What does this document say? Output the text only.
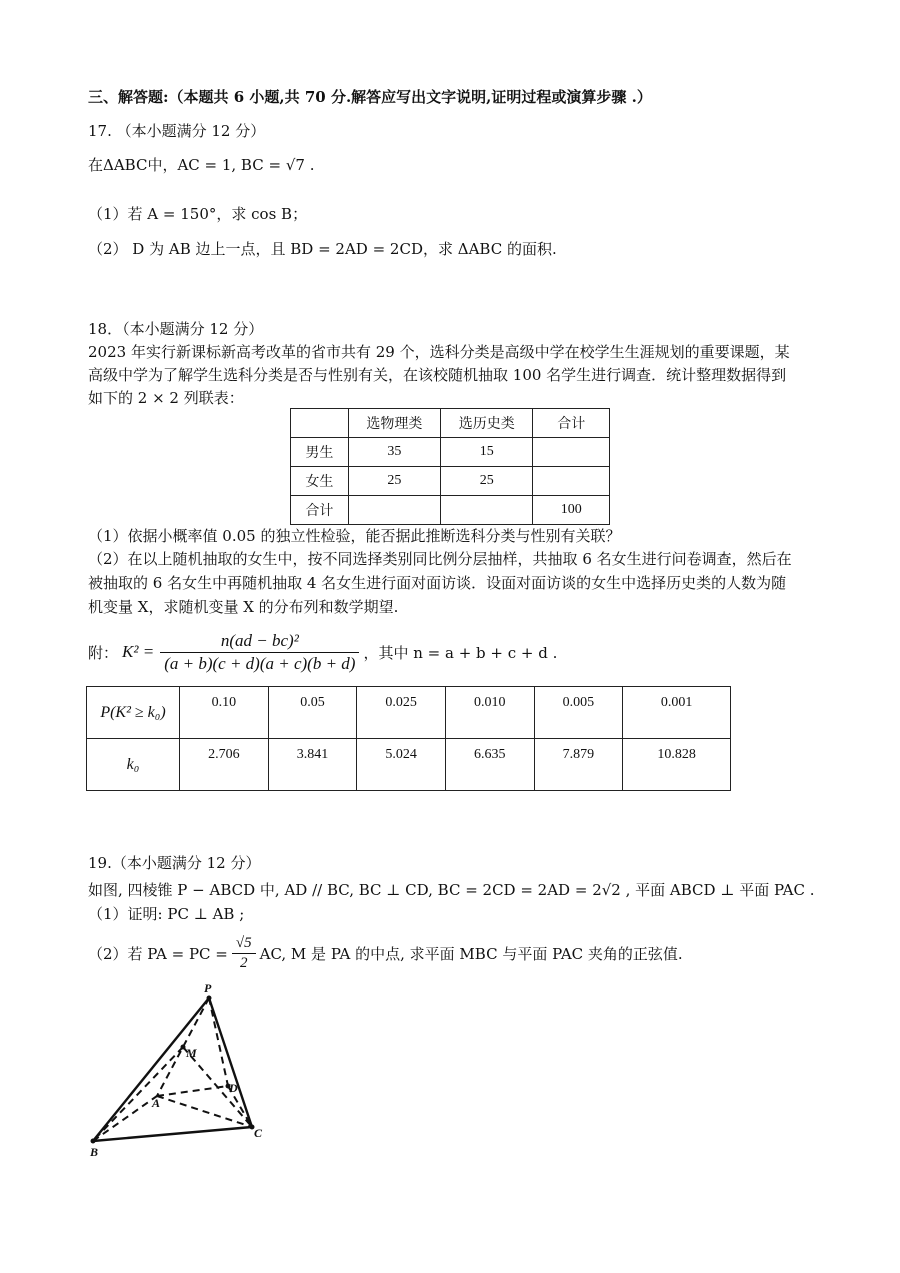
三、解答题:（本题共 6 小题,共 70 分.解答应写出文字说明,证明过程或演算步骤 .）
17. （本小题满分 12 分）
在ΔABC中，AC = 1, BC = √7 .
（1）若 A = 150°，求 cos B；
（2） D 为 AB 边上一点，且 BD = 2AD = 2CD，求 ΔABC 的面积.
18．（本小题满分 12 分）
2023 年实行新课标新高考改革的省市共有 29 个，选科分类是高级中学在校学生生涯规划的重要课题，某
高级中学为了解学生选科分类是否与性别有关，在该校随机抽取 100 名学生进行调查．统计整理数据得到
如下的 2 × 2 列联表：
	选物理类	选历史类	合计
男生	35	15	
女生	25	25	
合计			100
（1）依据小概率值 0.05 的独立性检验，能否据此推断选科分类与性别有关联？
（2）在以上随机抽取的女生中，按不同选择类别同比例分层抽样，共抽取 6 名女生进行问卷调查，然后在
被抽取的 6 名女生中再随机抽取 4 名女生进行面对面访谈．设面对面访谈的女生中选择历史类的人数为随
机变量 X，求随机变量 X 的分布列和数学期望.
附： $K^2 = \frac{\text{n(ad − bc)²}}{(a + b)(c + d)(a + c)(b + d)}$ ，其中 n = a + b + c + d .
P(K² ≥ k₀)	0.10	0.05	0.025	0.010	0.005	0.001
k₀	2.706	3.841	5.024	6.635	7.879	10.828
19.（本小题满分 12 分）
如图, 四棱锥 P − ABCD 中, AD // BC, BC ⊥ CD, BC = 2CD = 2AD = 2√2 , 平面 ABCD ⊥ 平面 PAC .
（1）证明: PC ⊥ AB ;
（2）若 PA = PC = $\frac{√5}{2}$ AC, M 是 PA 的中点, 求平面 MBC 与平面 PAC 夹角的正弦值.
P
M
A
D
B
C
